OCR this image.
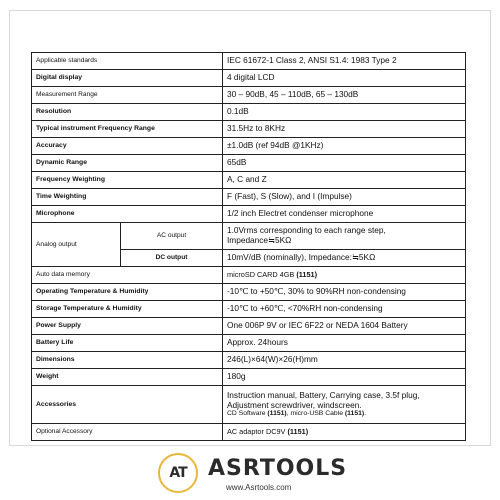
Applicable standards		IEC 61672-1 Class 2, ANSI S1.4: 1983 Type 2
Digital display		4 digital LCD
Measurement Range		30 – 90dB, 45 – 110dB, 65 – 130dB
Resolution		0.1dB
Typical instrument Frequency Range		31.5Hz to 8KHz
Accuracy		±1.0dB (ref 94dB @1KHz)
Dynamic Range		65dB
Frequency Weighting		A, C and Z
Time Weighting		F (Fast), S (Slow), and I (Impulse)
Microphone		1/2 inch Electret condenser microphone
Analog output	AC output	1.0Vrms corresponding to each range step,
Impedance≒5KΩ

	DC output	10mV/dB (nominally), Impedance:≒5KΩ
Auto data memory		microSD CARD 4GB (1151)
Operating Temperature & Humidity		-10℃ to +50℃, 30% to 90%RH non-condensing
Storage Temperature & Humidity		-10℃ to +60℃, <70%RH non-condensing
Power Supply		One 006P 9V or IEC 6F22 or NEDA 1604 Battery
Battery Life		Approx. 24hours
Dimensions		246(L)×64(W)×26(H)mm
Weight		180g
Accessories		Instruction manual, Battery, Carrying case, 3.5f plug,
Adjustment screwdriver, windscreen.
CD Software (1151), micro-USB Cable (1151).

Optional Accessory		AC adaptor DC9V (1151)
AT ASRTOOLS
www.Asrtools.com
